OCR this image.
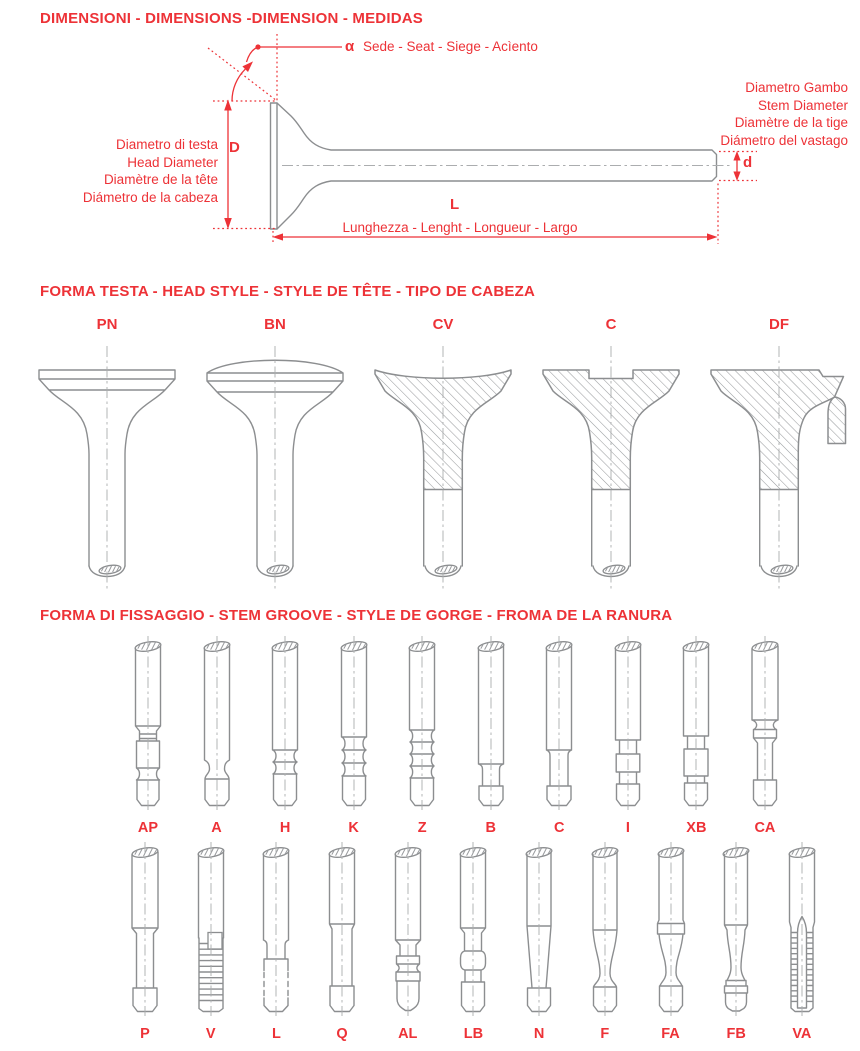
DIMENSIONI - DIMENSIONS -DIMENSION - MEDIDAS
α Sede - Seat - Siege - Acìento
Diametro Gambo
Stem Diameter
Diamètre de la tige
Diámetro del vastago
Diametro di testa
Head Diameter
Diamètre de la tête
Diámetro de la cabeza
D
d
L
Lunghezza - Lenght - Longueur - Largo
FORMA TESTA - HEAD STYLE - STYLE DE TÊTE - TIPO DE CABEZA
PN	BN	CV	C	DF
FORMA DI FISSAGGIO - STEM GROOVE - STYLE DE GORGE - FROMA DE LA RANURA
AP	A	H	K	Z	B	C	I	XB	CA
P	V	L	Q	AL	LB	N	F	FA	FB	VA
